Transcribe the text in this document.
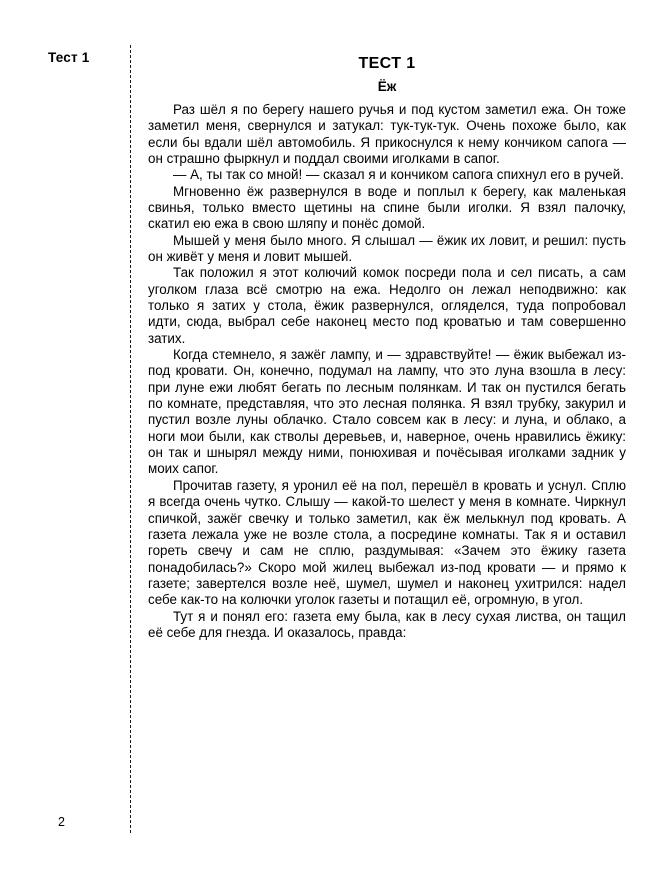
Тест 1
2
ТЕСТ 1
Ёж

Раз шёл я по берегу нашего ручья и под кустом заметил ежа. Он тоже заметил меня, свернулся и затукал: тук-тук-тук. Очень похоже было, как если бы вдали шёл автомобиль. Я прикоснулся к нему кончиком сапога — он страшно фыркнул и поддал своими иголками в сапог.

— А, ты так со мной! — сказал я и кончиком сапога спихнул его в ручей.

Мгновенно ёж развернулся в воде и поплыл к берегу, как маленькая свинья, только вместо щетины на спине были иголки. Я взял палочку, скатил ею ежа в свою шляпу и понёс домой.

Мышей у меня было много. Я слышал — ёжик их ловит, и решил: пусть он живёт у меня и ловит мышей.

Так положил я этот колючий комок посреди пола и сел писать, а сам уголком глаза всё смотрю на ежа. Недолго он лежал неподвижно: как только я затих у стола, ёжик развернулся, огляделся, туда попробовал идти, сюда, выбрал себе наконец место под кроватью и там совершенно затих.

Когда стемнело, я зажёг лампу, и — здравствуйте! — ёжик выбежал из-под кровати. Он, конечно, подумал на лампу, что это луна взошла в лесу: при луне ежи любят бегать по лесным полянкам. И так он пустился бегать по комнате, представляя, что это лесная полянка. Я взял трубку, закурил и пустил возле луны облачко. Стало совсем как в лесу: и луна, и облако, а ноги мои были, как стволы деревьев, и, наверное, очень нравились ёжику: он так и шнырял между ними, понюхивая и почёсывая иголками задник у моих сапог.

Прочитав газету, я уронил её на пол, перешёл в кровать и уснул. Сплю я всегда очень чутко. Слышу — какой-то шелест у меня в комнате. Чиркнул спичкой, зажёг свечку и только заметил, как ёж мелькнул под кровать. А газета лежала уже не возле стола, а посредине комнаты. Так я и оставил гореть свечу и сам не сплю, раздумывая: «Зачем это ёжику газета понадобилась?» Скоро мой жилец выбежал из-под кровати — и прямо к газете; завертелся возле неё, шумел, шумел и наконец ухитрился: надел себе как-то на колючки уголок газеты и потащил её, огромную, в угол.

Тут я и понял его: газета ему была, как в лесу сухая листва, он тащил её себе для гнезда. И оказалось, правда:
